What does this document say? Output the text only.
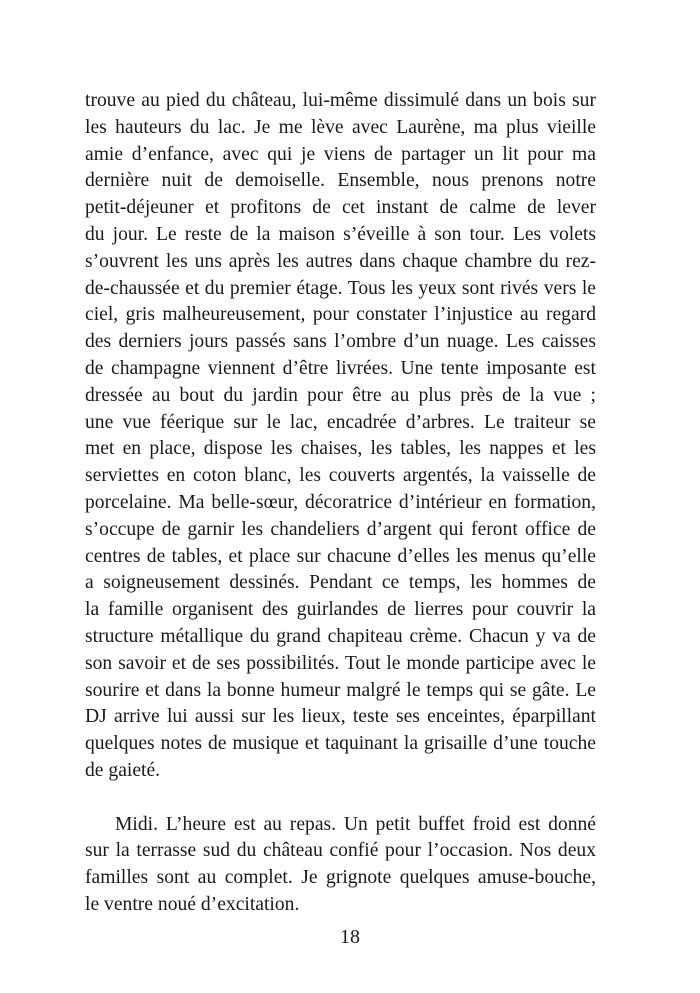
trouve au pied du château, lui-même dissimulé dans un bois sur
les hauteurs du lac. Je me lève avec Laurène, ma plus vieille
amie d’enfance, avec qui je viens de partager un lit pour ma
dernière nuit de demoiselle. Ensemble, nous prenons notre
petit-déjeuner et profitons de cet instant de calme de lever
du jour. Le reste de la maison s’éveille à son tour. Les volets
s’ouvrent les uns après les autres dans chaque chambre du rez-
de-chaussée et du premier étage. Tous les yeux sont rivés vers le
ciel, gris malheureusement, pour constater l’injustice au regard
des derniers jours passés sans l’ombre d’un nuage. Les caisses
de champagne viennent d’être livrées. Une tente imposante est
dressée au bout du jardin pour être au plus près de la vue ;
une vue féerique sur le lac, encadrée d’arbres. Le traiteur se
met en place, dispose les chaises, les tables, les nappes et les
serviettes en coton blanc, les couverts argentés, la vaisselle de
porcelaine. Ma belle-sœur, décoratrice d’intérieur en formation,
s’occupe de garnir les chandeliers d’argent qui feront office de
centres de tables, et place sur chacune d’elles les menus qu’elle
a soigneusement dessinés. Pendant ce temps, les hommes de
la famille organisent des guirlandes de lierres pour couvrir la
structure métallique du grand chapiteau crème. Chacun y va de
son savoir et de ses possibilités. Tout le monde participe avec le
sourire et dans la bonne humeur malgré le temps qui se gâte. Le
DJ arrive lui aussi sur les lieux, teste ses enceintes, éparpillant
quelques notes de musique et taquinant la grisaille d’une touche
de gaieté.
Midi. L’heure est au repas. Un petit buffet froid est donné
sur la terrasse sud du château confié pour l’occasion. Nos deux
familles sont au complet. Je grignote quelques amuse-bouche,
le ventre noué d’excitation.
18
